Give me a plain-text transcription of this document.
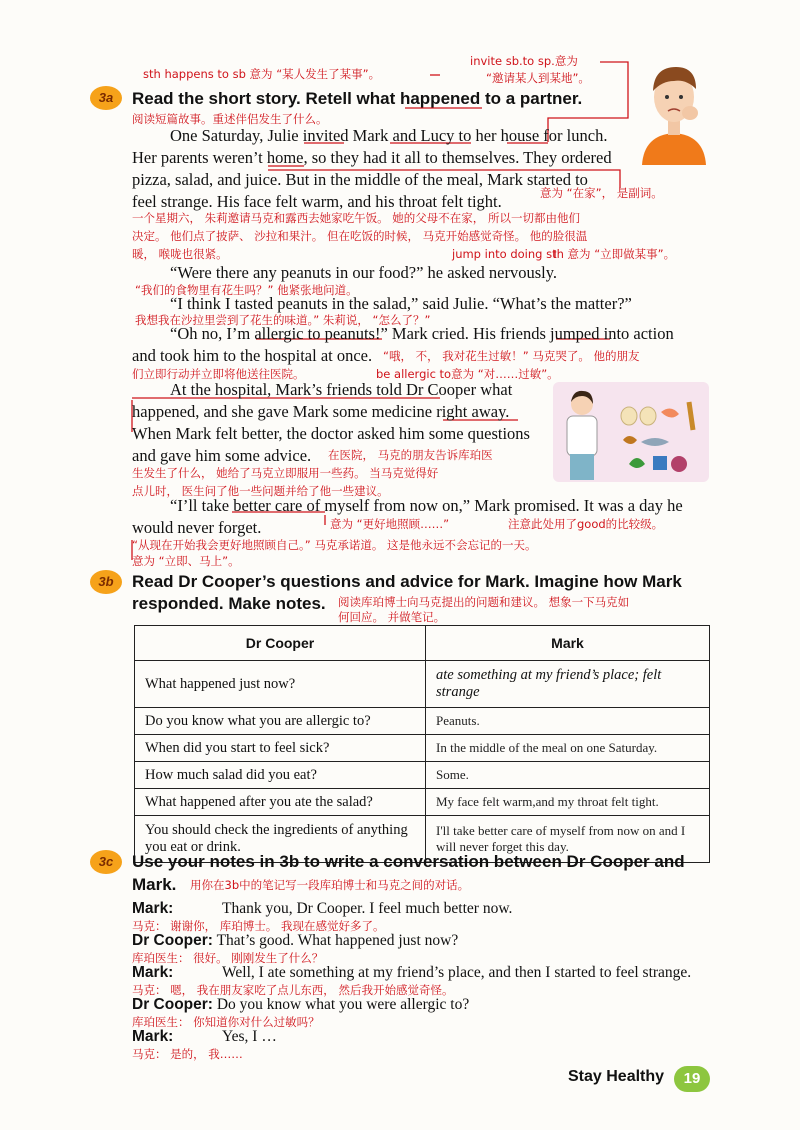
sth happens to sb 意为 “某人发生了某事”。
invite sb.to sp.意为
“邀请某人到某地”。
3a	Read the short story. Retell what happened to a partner.
阅读短篇故事。重述伴侣发生了什么。
One Saturday, Julie invited Mark and Lucy to her house for lunch.
Her parents weren’t home, so they had it all to themselves. They ordered
pizza, salad, and juice. But in the middle of the meal, Mark started to
feel strange. His face felt warm, and his throat felt tight.	意为 “在家”， 是副词。
一个星期六， 朱莉邀请马克和露西去她家吃午饭。 她的父母不在家， 所以一切都由他们
决定。 他们点了披萨、 沙拉和果汁。 但在吃饭的时候， 马克开始感觉奇怪。 他的脸很温
暖， 喉咙也很紧。	jump into doing sth 意为 “立即做某事”。
“Were there any peanuts in our food?” he asked nervously.
“我们的食物里有花生吗？” 他紧张地问道。
“I think I tasted peanuts in the salad,” said Julie. “What’s the matter?”
我想我在沙拉里尝到了花生的味道。” 朱莉说， “怎么了？”
“Oh no, I’m allergic to peanuts!” Mark cried. His friends jumped into action
and took him to the hospital at once. “哦， 不， 我对花生过敏！” 马克哭了。 他的朋友
们立即行动并立即将他送往医院。	be allergic to意为 “对……过敏”。
At the hospital, Mark’s friends told Dr Cooper what
happened, and she gave Mark some medicine right away.
When Mark felt better, the doctor asked him some questions
and gave him some advice. 在医院， 马克的朋友告诉库珀医
生发生了什么， 她给了马克立即服用一些药。 当马克觉得好
点儿时， 医生问了他一些问题并给了他一些建议。
“I’ll take better care of myself from now on,” Mark promised. It was a day he
would never forget.	意为 “更好地照顾……”	注意此处用了good的比较级。
“从现在开始我会更好地照顾自己。” 马克承诺道。 这是他永远不会忘记的一天。
意为 “立即、马上”。
3b	Read Dr Cooper’s questions and advice for Mark. Imagine how Mark
responded. Make notes. 阅读库珀博士向马克提出的问题和建议。 想象一下马克如
何回应。 并做笔记。
Dr Cooper	Mark
What happened just now?	ate something at my friend’s place; felt strange
Do you know what you are allergic to?	Peanuts.
When did you start to feel sick?	In the middle of the meal on one Saturday.
How much salad did you eat?	Some.
What happened after you ate the salad?	My face felt warm,and my throat felt tight.
You should check the ingredients of anything you eat or drink.	I'll take better care of myself from now on and I will never forget this day.
3c	Use your notes in 3b to write a conversation between Dr Cooper and
Mark. 用你在3b中的笔记写一段库珀博士和马克之间的对话。
Mark:	Thank you, Dr Cooper. I feel much better now.
马克： 谢谢你， 库珀博士。 我现在感觉好多了。
Dr Cooper: That’s good. What happened just now?
库珀医生： 很好。 刚刚发生了什么？
Mark:	Well, I ate something at my friend’s place, and then I started to feel strange.
马克： 嗯， 我在朋友家吃了点儿东西， 然后我开始感觉奇怪。
Dr Cooper: Do you know what you were allergic to?
库珀医生： 你知道你对什么过敏吗？
Mark:	Yes, I …
马克： 是的， 我……
Stay Healthy	19
